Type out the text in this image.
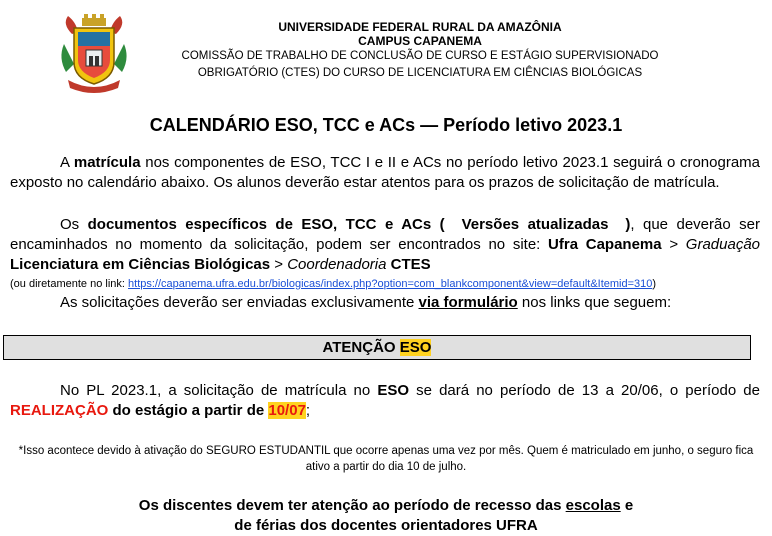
UNIVERSIDADE FEDERAL RURAL DA AMAZÔNIA
CAMPUS CAPANEMA
COMISSÃO DE TRABALHO DE CONCLUSÃO DE CURSO E ESTÁGIO SUPERVISIONADO
OBRIGATÓRIO (CTES) DO CURSO DE LICENCIATURA EM CIÊNCIAS BIOLÓGICAS
CALENDÁRIO ESO, TCC e ACs — Período letivo 2023.1
A matrícula nos componentes de ESO, TCC I e II e ACs no período letivo 2023.1 seguirá o cronograma exposto no calendário abaixo. Os alunos deverão estar atentos para os prazos de solicitação de matrícula.
Os documentos específicos de ESO, TCC e ACs ( Versões atualizadas ), que deverão ser encaminhados no momento da solicitação, podem ser encontrados no site: Ufra Capanema > Graduação Licenciatura em Ciências Biológicas > Coordenadoria CTES
(ou diretamente no link: https://capanema.ufra.edu.br/biologicas/index.php?option=com_blankcomponent&view=default&Itemid=310)
As solicitações deverão ser enviadas exclusivamente via formulário nos links que seguem:
ATENÇÃO ESO
No PL 2023.1, a solicitação de matrícula no ESO se dará no período de 13 a 20/06, o período de REALIZAÇÃO do estágio a partir de 10/07;
*Isso acontece devido à ativação do SEGURO ESTUDANTIL que ocorre apenas uma vez por mês. Quem é matriculado em junho, o seguro fica ativo a partir do dia 10 de julho.
Os discentes devem ter atenção ao período de recesso das escolas e
de férias dos docentes orientadores UFRA
